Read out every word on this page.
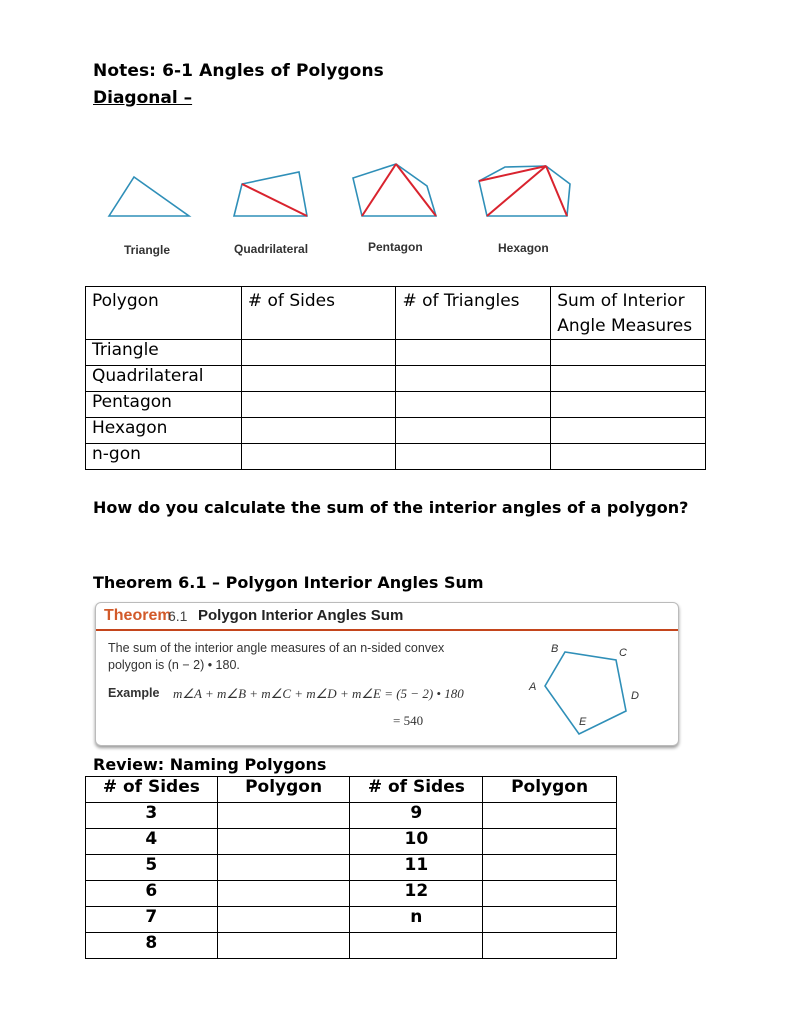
Notes: 6-1 Angles of Polygons
Diagonal –
Triangle	Quadrilateral	Pentagon	Hexagon
Polygon	# of Sides	# of Triangles	Sum of Interior Angle Measures
Triangle			
Quadrilateral			
Pentagon			
Hexagon			
n-gon			
How do you calculate the sum of the interior angles of a polygon?
Theorem 6.1 – Polygon Interior Angles Sum
Theorem
6.1 Polygon Interior Angles Sum
The sum of the interior angle measures of an n-sided convex polygon is (n − 2) • 180.
Example m∠A + m∠B + m∠C + m∠D + m∠E = (5 − 2) • 180
= 540
A
B	C
D
E
Review: Naming Polygons
# of Sides	Polygon	# of Sides	Polygon
3		9	
4		10	
5		11	
6		12	
7		n	
8			
